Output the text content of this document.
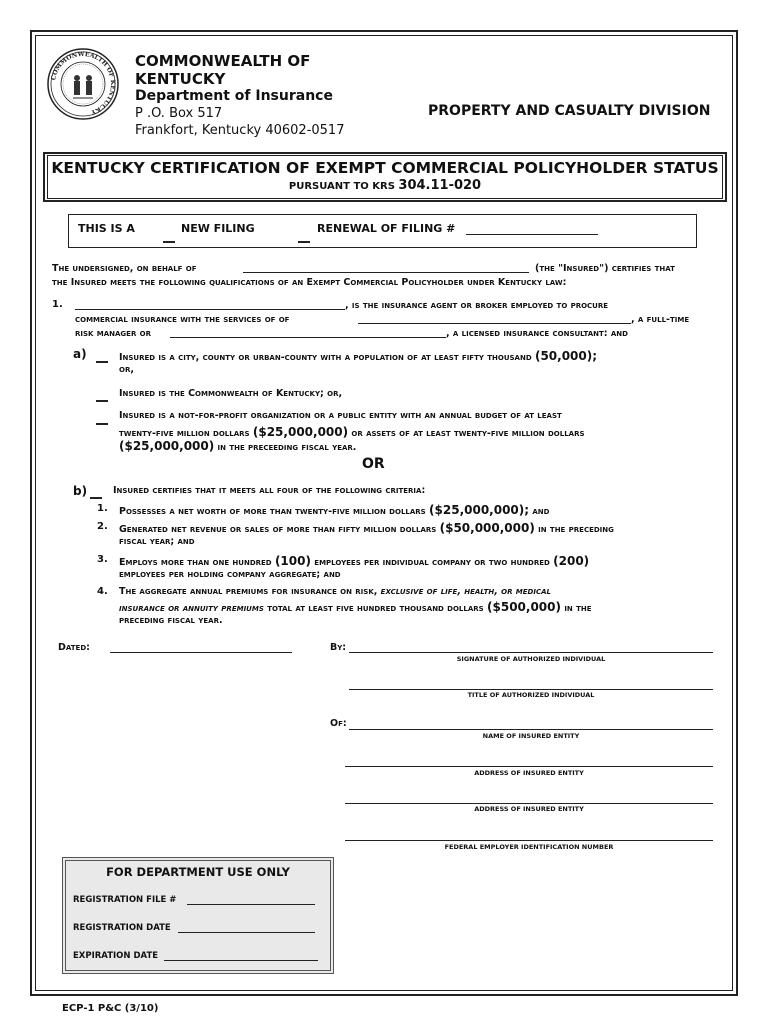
COMMONWEALTH OF KENTUCKY
COMMONWEALTH OF KENTUCKY
Department of Insurance
P .O. Box 517
Frankfort, Kentucky 40602-0517
PROPERTY AND CASUALTY DIVISION
KENTUCKY CERTIFICATION OF EXEMPT COMMERCIAL POLICYHOLDER STATUS
PURSUANT TO KRS 304.11-020
THIS IS A	NEW FILING	RENEWAL OF FILING #
The undersigned, on behalf of	(the "Insured") certifies that
the Insured meets the following qualifications of an Exempt Commercial Policyholder under Kentucky law:
1.	, is the insurance agent or broker employed to procure
commercial insurance with the services of of	, a full-time
risk manager or	, a licensed insurance consultant: and
a)	Insured is a city, county or urban-county with a population of at least fifty thousand (50,000);
or,
Insured is the Commonwealth of Kentucky; or,
Insured is a not-for-profit organization or a public entity with an annual budget of at least
twenty-five million dollars ($25,000,000) or assets of at least twenty-five million dollars
($25,000,000) in the preceeding fiscal year.
OR
b)	Insured certifies that it meets all four of the following criteria:
1. Possesses a net worth of more than twenty-five million dollars ($25,000,000); and
2. Generated net revenue or sales of more than fifty million dollars ($50,000,000) in the preceding
fiscal year; and
3. Employs more than one hundred (100) employees per individual company or two hundred (200)
employees per holding company aggregate; and
4. The aggregate annual premiums for insurance on risk, exclusive of life, health, or medical
insurance or annuity premiums total at least five hundred thousand dollars ($500,000) in the
preceding fiscal year.
Dated:	By:
SIGNATURE OF AUTHORIZED INDIVIDUAL
TITLE OF AUTHORIZED INDIVIDUAL
Of:
NAME OF INSURED ENTITY
ADDRESS OF INSURED ENTITY
ADDRESS OF INSURED ENTITY
FEDERAL EMPLOYER IDENTIFICATION NUMBER
FOR DEPARTMENT USE ONLY
REGISTRATION FILE #
REGISTRATION DATE
EXPIRATION DATE
ECP-1 P&C (3/10)
